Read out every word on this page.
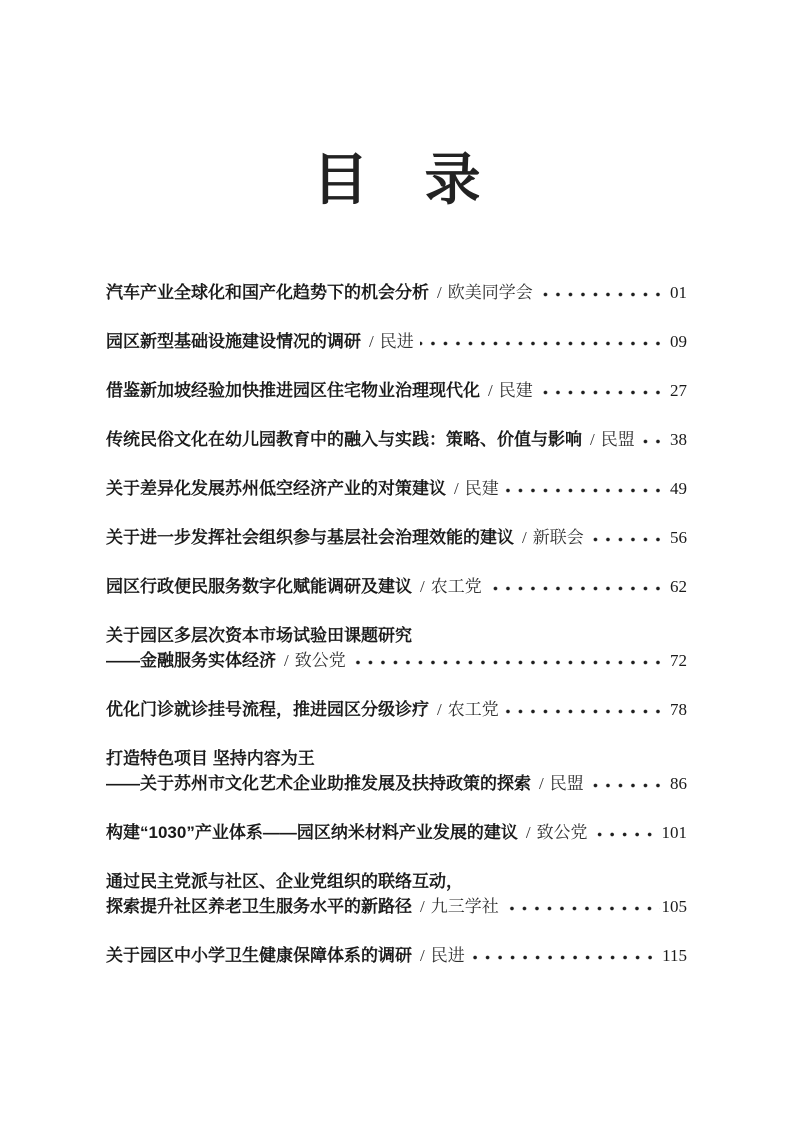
目　录
汽车产业全球化和国产化趋势下的机会分析 / 欧美同学会	01
园区新型基础设施建设情况的调研 / 民进	09
借鉴新加坡经验加快推进园区住宅物业治理现代化 / 民建	27
传统民俗文化在幼儿园教育中的融入与实践：策略、价值与影响 / 民盟 38
关于差异化发展苏州低空经济产业的对策建议 / 民建	49
关于进一步发挥社会组织参与基层社会治理效能的建议 / 新联会	56
园区行政便民服务数字化赋能调研及建议 / 农工党	62
关于园区多层次资本市场试验田课题研究
——金融服务实体经济 / 致公党	72
优化门诊就诊挂号流程，推进园区分级诊疗 / 农工党	78
打造特色项目 坚持内容为王
——关于苏州市文化艺术企业助推发展及扶持政策的探索 / 民盟	86
构建“1030”产业体系——园区纳米材料产业发展的建议 / 致公党	101
通过民主党派与社区、企业党组织的联络互动，
探索提升社区养老卫生服务水平的新路径 / 九三学社	105
关于园区中小学卫生健康保障体系的调研 / 民进	115
